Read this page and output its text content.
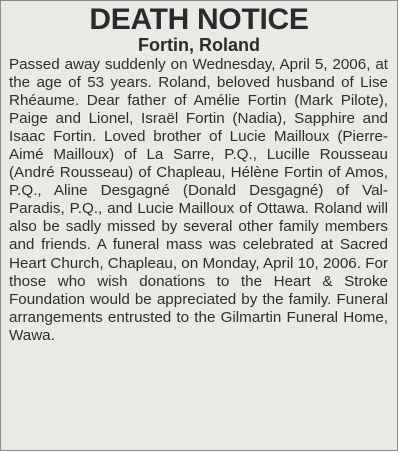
DEATH NOTICE
Fortin, Roland

Passed away suddenly on Wednesday, April 5, 2006, at the age of 53 years. Roland, beloved husband of Lise Rhéaume. Dear father of Amélie Fortin (Mark Pilote), Paige and Lionel, Israël Fortin (Nadia), Sapphire and Isaac Fortin. Loved brother of Lucie Mailloux (Pierre-Aimé Mailloux) of La Sarre, P.Q., Lucille Rousseau (André Rousseau) of Chapleau, Hélène Fortin of Amos, P.Q., Aline Desgagné (Donald Desgagné) of Val-Paradis, P.Q., and Lucie Mailloux of Ottawa. Roland will also be sadly missed by several other family members and friends. A funeral mass was celebrated at Sacred Heart Church, Chapleau, on Monday, April 10, 2006. For those who wish donations to the Heart & Stroke Foundation would be appreciated by the family. Funeral arrangements entrusted to the Gilmartin Funeral Home, Wawa.
